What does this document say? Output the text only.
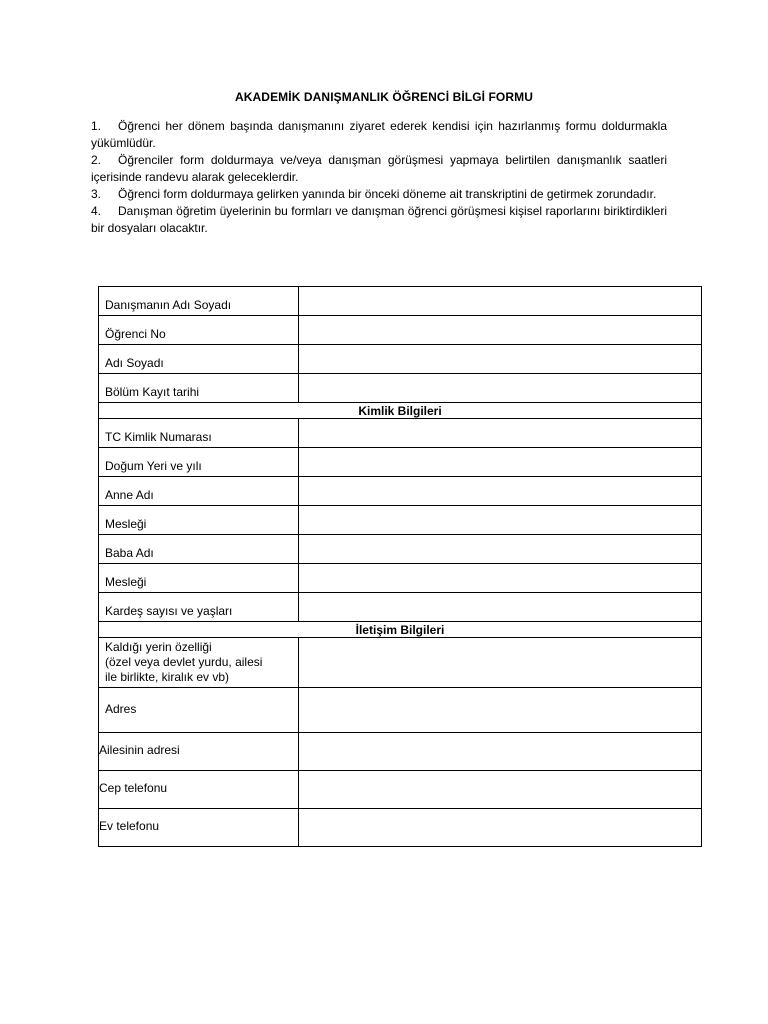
AKADEMİK DANIŞMANLIK ÖĞRENCİ BİLGİ FORMU
1. Öğrenci her dönem başında danışmanını ziyaret ederek kendisi için hazırlanmış formu doldurmakla yükümlüdür.
2. Öğrenciler form doldurmaya ve/veya danışman görüşmesi yapmaya belirtilen danışmanlık saatleri içerisinde randevu alarak geleceklerdir.
3. Öğrenci form doldurmaya gelirken yanında bir önceki döneme ait transkriptini de getirmek zorundadır.
4. Danışman öğretim üyelerinin bu formları ve danışman öğrenci görüşmesi kişisel raporlarını biriktirdikleri bir dosyaları olacaktır.
Danışmanın Adı Soyadı	
Öğrenci No	
Adı Soyadı	
Bölüm Kayıt tarihi	
Kimlik Bilgileri	
TC Kimlik Numarası	
Doğum Yeri ve yılı	
Anne Adı	
Mesleği	
Baba Adı	
Mesleği	
Kardeş sayısı ve yaşları	
İletişim Bilgileri	

Kaldığı yerin özelliği
(özel veya devlet yurdu, ailesi
ile birlikte, kiralık ev vb)	

Adres	
Ailesinin adresi	
Cep telefonu	
Ev telefonu	
